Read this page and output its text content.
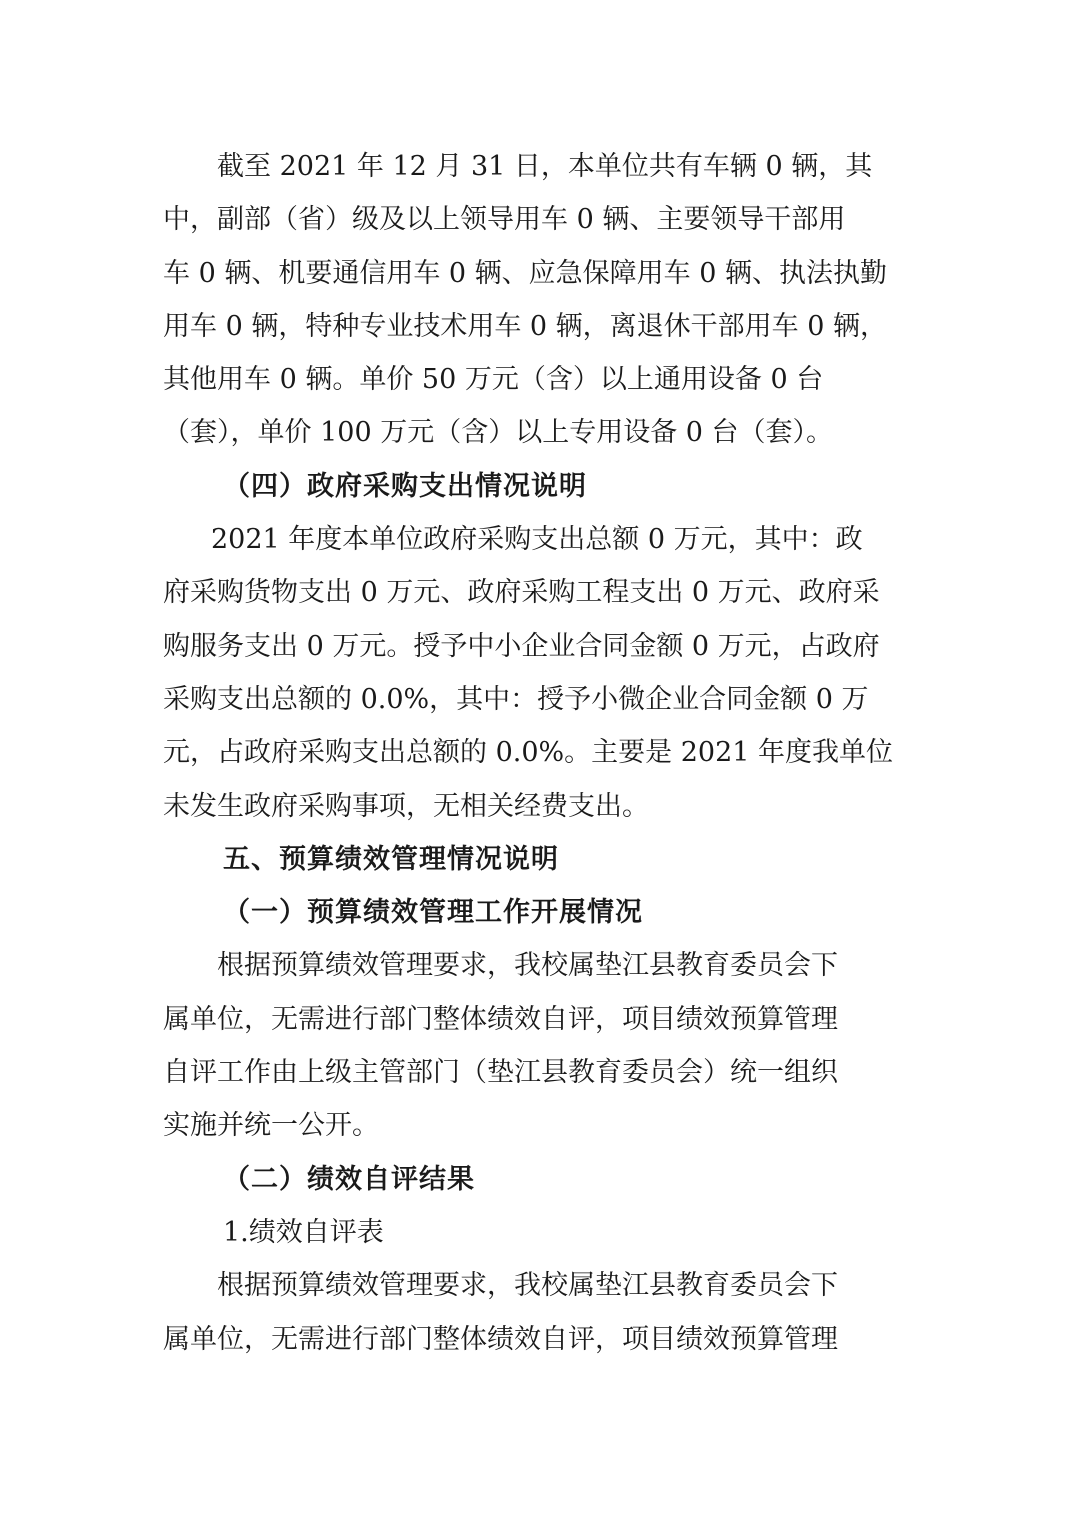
截至 2021 年 12 月 31 日，本单位共有车辆 0 辆，其
中，副部（省）级及以上领导用车 0 辆、主要领导干部用
车 0 辆、机要通信用车 0 辆、应急保障用车 0 辆、执法执勤
用车 0 辆，特种专业技术用车 0 辆，离退休干部用车 0 辆，
其他用车 0 辆。单价 50 万元（含）以上通用设备 0 台
（套），单价 100 万元（含）以上专用设备 0 台（套）。
（四）政府采购支出情况说明
2021 年度本单位政府采购支出总额 0 万元，其中：政
府采购货物支出 0 万元、政府采购工程支出 0 万元、政府采
购服务支出 0 万元。授予中小企业合同金额 0 万元，占政府
采购支出总额的 0.0%，其中：授予小微企业合同金额 0 万
元，占政府采购支出总额的 0.0%。主要是 2021 年度我单位
未发生政府采购事项，无相关经费支出。
五、预算绩效管理情况说明
（一）预算绩效管理工作开展情况
根据预算绩效管理要求，我校属垫江县教育委员会下
属单位，无需进行部门整体绩效自评，项目绩效预算管理
自评工作由上级主管部门（垫江县教育委员会）统一组织
实施并统一公开。
（二）绩效自评结果
1.绩效自评表
根据预算绩效管理要求，我校属垫江县教育委员会下
属单位，无需进行部门整体绩效自评，项目绩效预算管理
